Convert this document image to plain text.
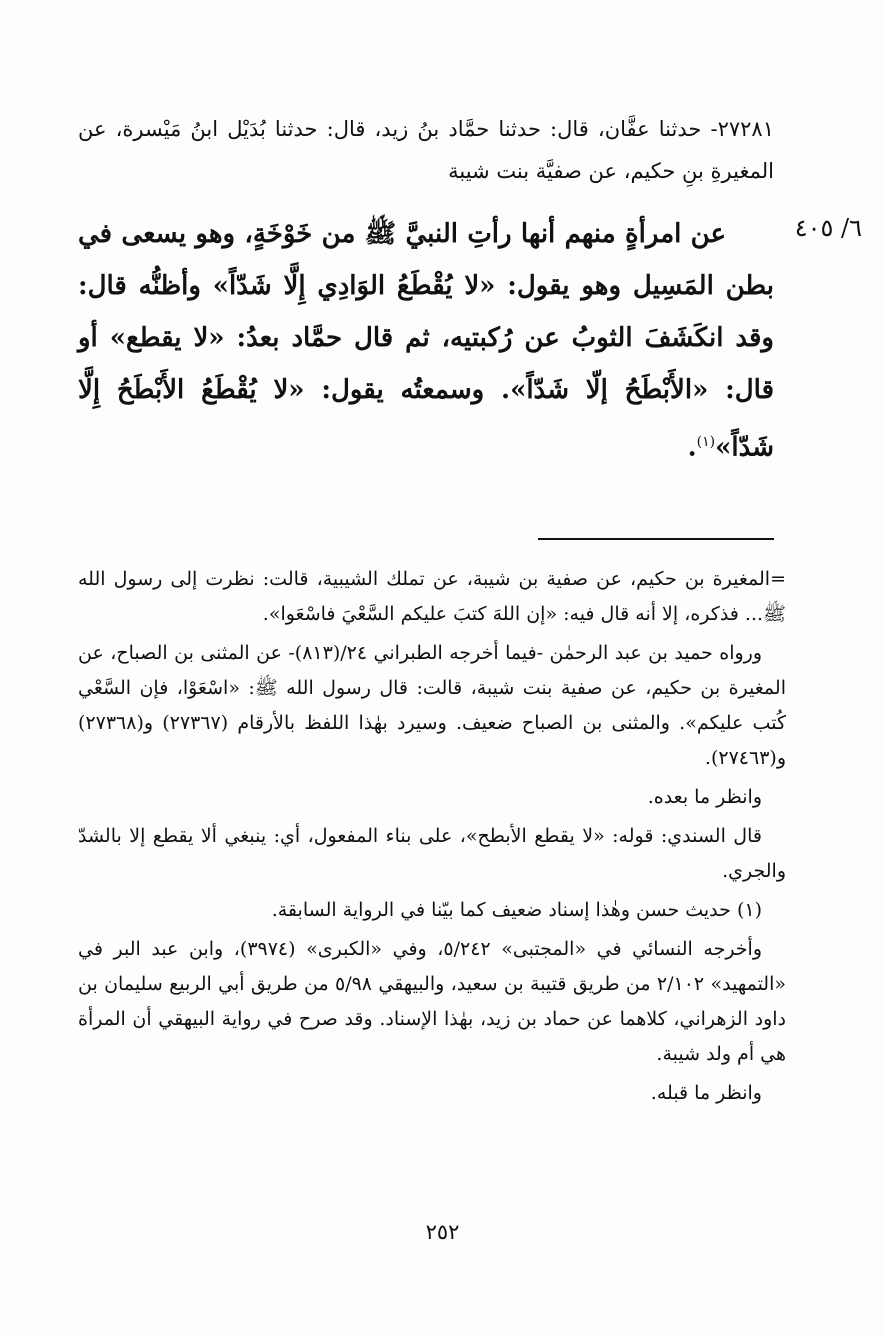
٢٧٢٨١- حدثنا عفَّان، قال: حدثنا حمَّاد بنُ زيد، قال: حدثنا بُدَيْل ابنُ مَيْسرة، عن المغيرةِ بنِ حكيم، عن صفيَّة بنت شيبة
٦/ ٤٠٥

عن امرأةٍ منهم أنها رأتِ النبيَّ ﷺ من خَوْخَةٍ، وهو يسعى في بطن المَسِيل وهو يقول: «لا يُقْطَعُ الوَادِي إِلَّا شَدّاً» وأظنُّه قال: وقد انكَشَفَ الثوبُ عن رُكبتيه، ثم قال حمَّاد بعدُ: «لا يقطع» أو قال: «الأَبْطَحُ إلّا شَدّاً». وسمعتُه يقول: «لا يُقْطَعُ الأَبْطَحُ إِلَّا شَدّاً»$^{(١)}$.

=المغيرة بن حكيم، عن صفية بن شيبة، عن تملك الشيبية، قالت: نظرت إلى رسول الله ﷺ... فذكره، إلا أنه قال فيه: «إن اللهَ كتبَ عليكم السَّعْيَ فاسْعَوا».

ورواه حميد بن عبد الرحمٰن -فيما أخرجه الطبراني ٢٤/(٨١٣)- عن المثنى بن الصباح، عن المغيرة بن حكيم، عن صفية بنت شيبة، قالت: قال رسول الله ﷺ: «اسْعَوْا، فإن السَّعْي كُتب عليكم». والمثنى بن الصباح ضعيف. وسيرد بهٰذا اللفظ بالأرقام (٢٧٣٦٧) و(٢٧٣٦٨) و(٢٧٤٦٣).

وانظر ما بعده.

قال السندي: قوله: «لا يقطع الأبطح»، على بناء المفعول، أي: ينبغي ألا يقطع إلا بالشدّ والجري.

(١) حديث حسن وهٰذا إسناد ضعيف كما بيّنا في الرواية السابقة.

وأخرجه النسائي في «المجتبى» ٥/٢٤٢، وفي «الكبرى» (٣٩٧٤)، وابن عبد البر في «التمهيد» ٢/١٠٢ من طريق قتيبة بن سعيد، والبيهقي ٥/٩٨ من طريق أبي الربيع سليمان بن داود الزهراني، كلاهما عن حماد بن زيد، بهٰذا الإسناد. وقد صرح في رواية البيهقي أن المرأة هي أم ولد شيبة.

وانظر ما قبله.

٢٥٢
